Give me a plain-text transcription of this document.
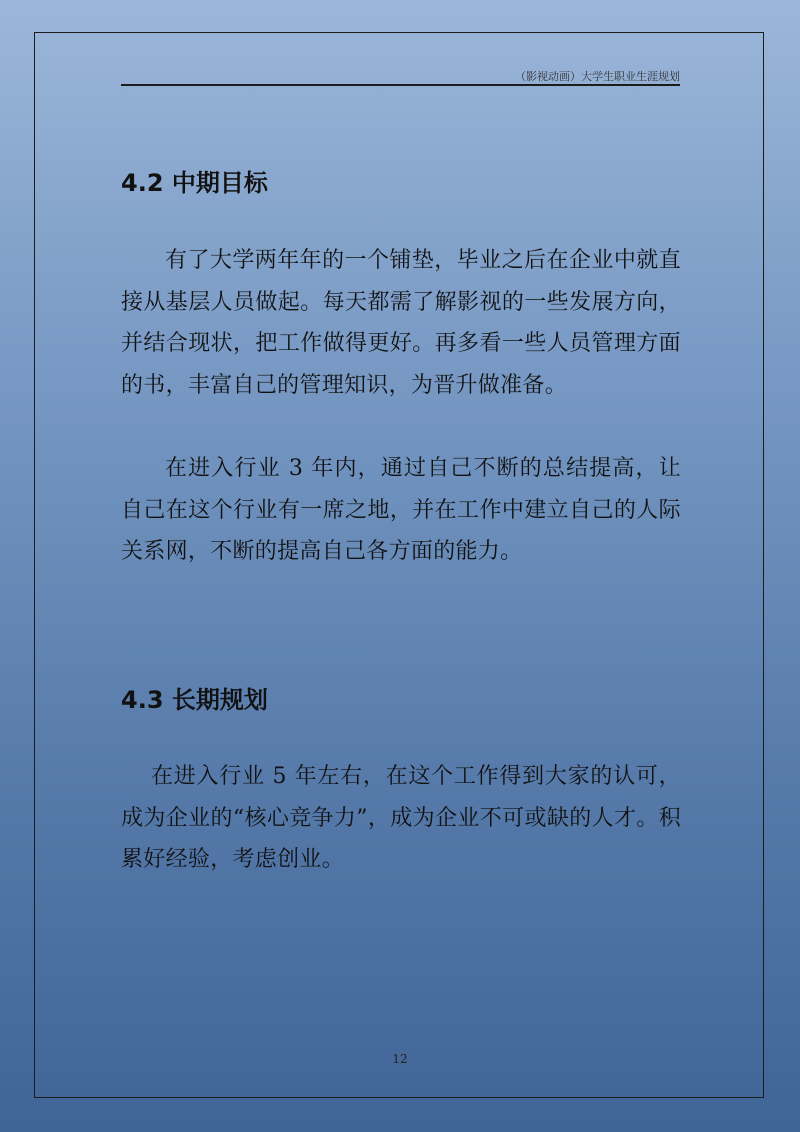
（影视动画）大学生职业生涯规划
4.2 中期目标

有了大学两年年的一个铺垫，毕业之后在企业中就直接从基层人员做起。每天都需了解影视的一些发展方向，并结合现状，把工作做得更好。再多看一些人员管理方面的书，丰富自己的管理知识，为晋升做准备。

在进入行业 3 年内，通过自己不断的总结提高，让自己在这个行业有一席之地，并在工作中建立自己的人际关系网，不断的提高自己各方面的能力。

4.3 长期规划

在进入行业 5 年左右，在这个工作得到大家的认可，成为企业的“核心竞争力”，成为企业不可或缺的人才。积累好经验，考虑创业。

12
